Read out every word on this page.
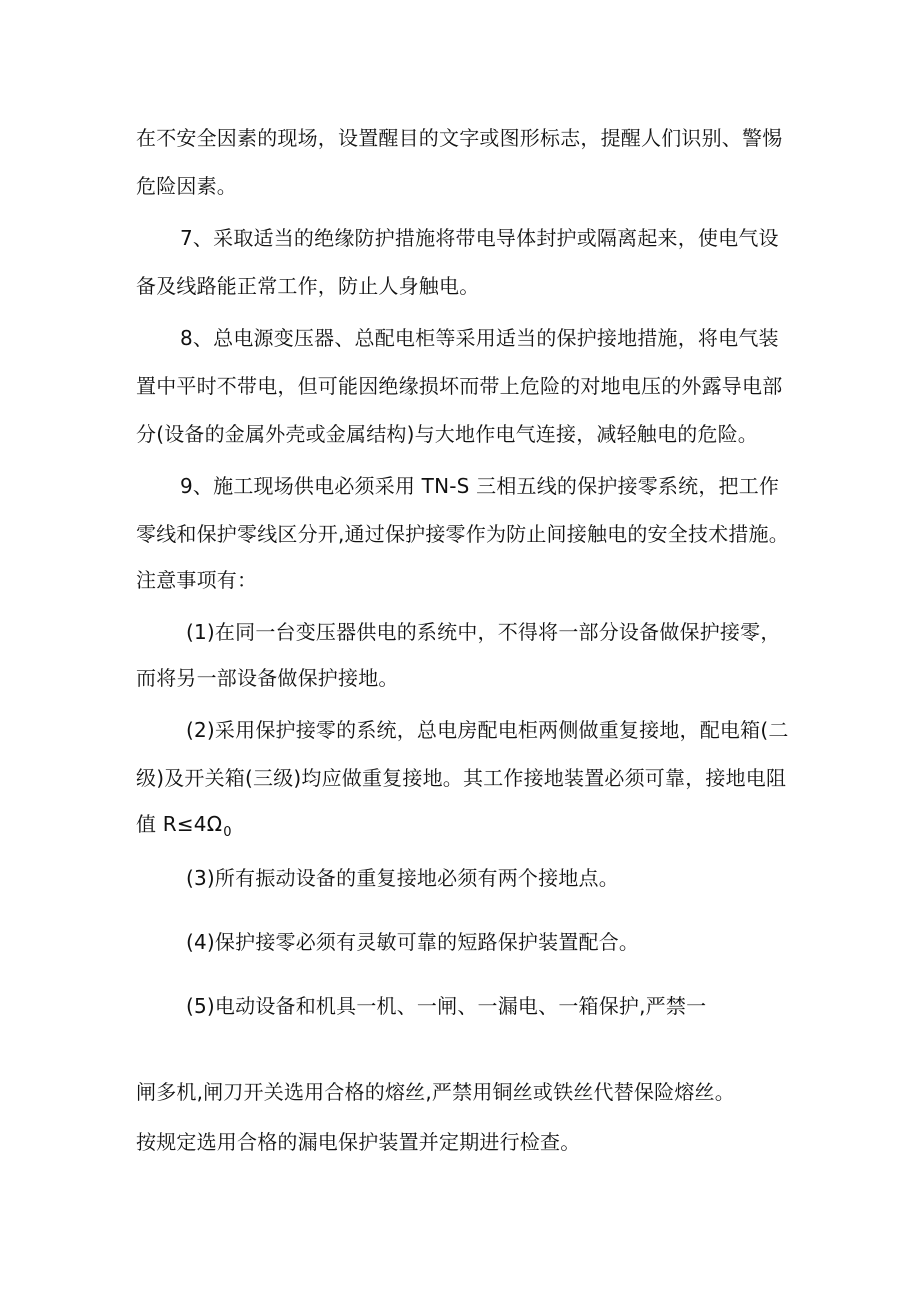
在不安全因素的现场，设置醒目的文字或图形标志，提醒人们识别、警惕
危险因素。
7、采取适当的绝缘防护措施将带电导体封护或隔离起来，使电气设
备及线路能正常工作，防止人身触电。
8、总电源变压器、总配电柜等采用适当的保护接地措施，将电气装
置中平时不带电，但可能因绝缘损坏而带上危险的对地电压的外露导电部
分(设备的金属外壳或金属结构)与大地作电气连接，减轻触电的危险。
9、施工现场供电必须采用 TN-S 三相五线的保护接零系统，把工作
零线和保护零线区分开,通过保护接零作为防止间接触电的安全技术措施。
注意事项有：
(1)在同一台变压器供电的系统中，不得将一部分设备做保护接零，
而将另一部设备做保护接地。
(2)采用保护接零的系统，总电房配电柜两侧做重复接地，配电箱(二
级)及开关箱(三级)均应做重复接地。其工作接地装置必须可靠，接地电阻
值 $R\le 4\Omega_0$
(3)所有振动设备的重复接地必须有两个接地点。
(4)保护接零必须有灵敏可靠的短路保护装置配合。
(5)电动设备和机具一机、一闸、一漏电、一箱保护,严禁一
闸多机,闸刀开关选用合格的熔丝,严禁用铜丝或铁丝代替保险熔丝。
按规定选用合格的漏电保护装置并定期进行检查。
